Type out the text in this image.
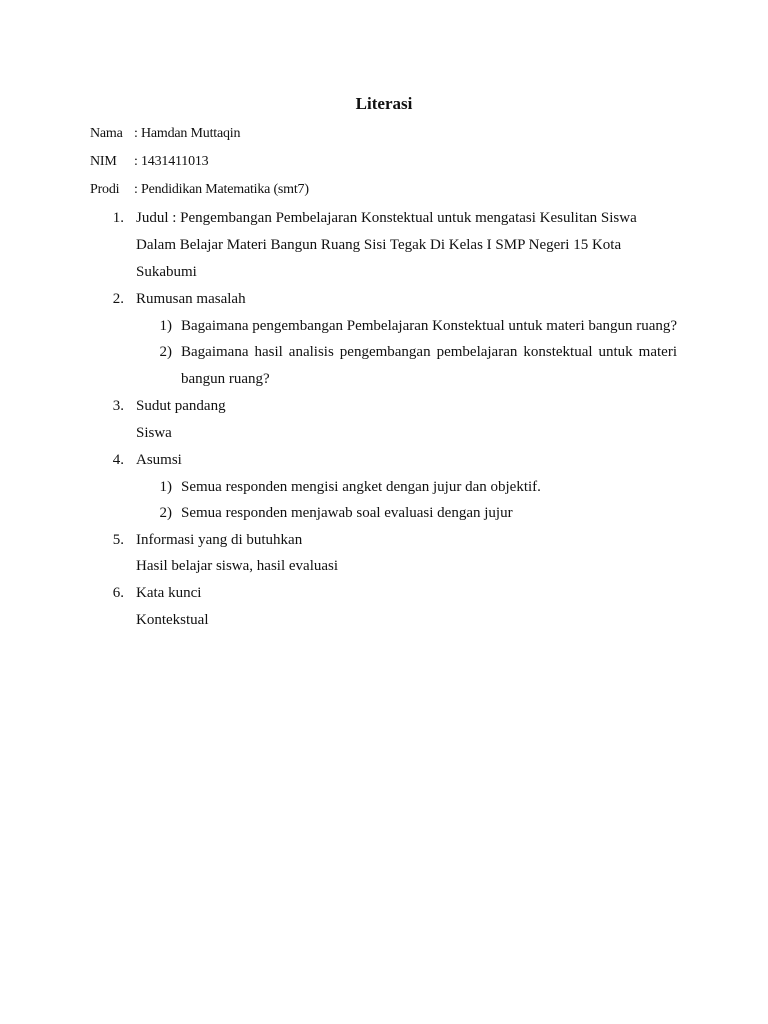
Literasi
Nama : Hamdan Muttaqin
NIM : 1431411013
Prodi : Pendidikan Matematika (smt7)
1. Judul : Pengembangan Pembelajaran Konstektual untuk mengatasi Kesulitan Siswa
Dalam Belajar Materi Bangun Ruang Sisi Tegak Di Kelas I SMP Negeri 15 Kota
Sukabumi
2. Rumusan masalah
1) Bagaimana pengembangan Pembelajaran Konstektual untuk materi bangun ruang?
2) Bagaimana hasil analisis pengembangan pembelajaran konstektual untuk materi
bangun ruang?
3. Sudut pandang
Siswa
4. Asumsi
1) Semua responden mengisi angket dengan jujur dan objektif.
2) Semua responden menjawab soal evaluasi dengan jujur
5. Informasi yang di butuhkan
Hasil belajar siswa, hasil evaluasi
6. Kata kunci
Kontekstual
